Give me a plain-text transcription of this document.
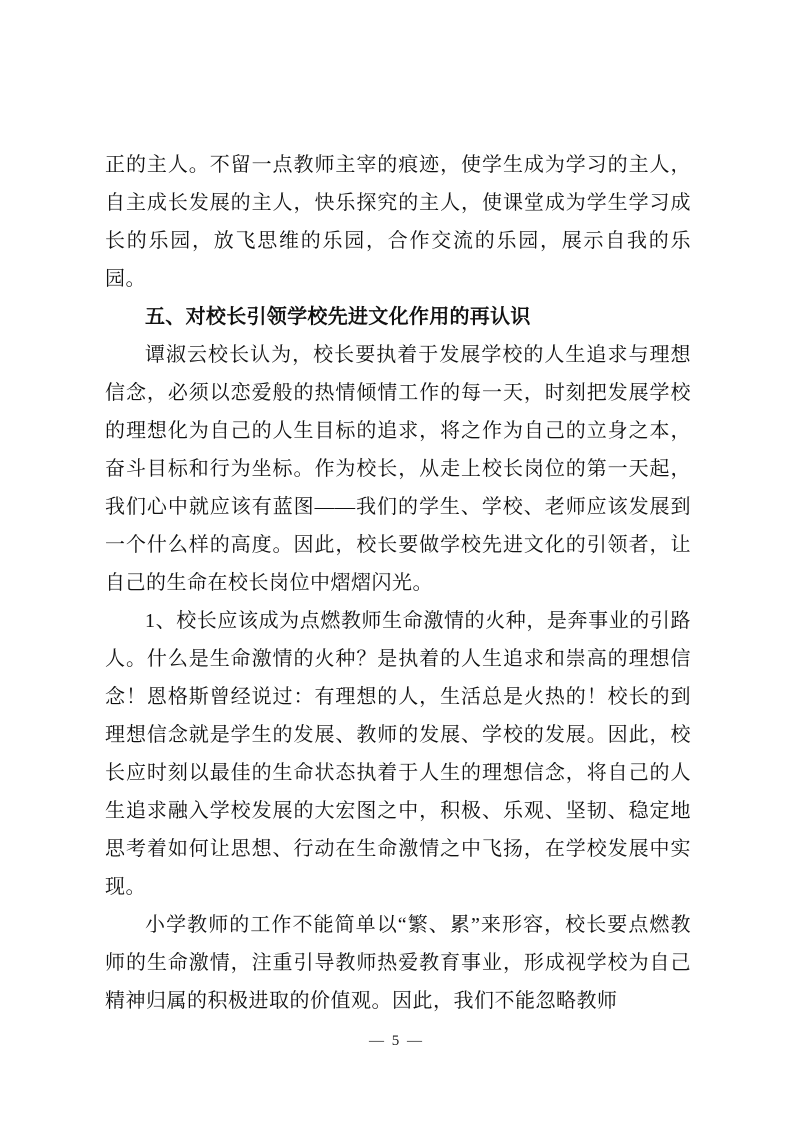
正的主人。不留一点教师主宰的痕迹，使学生成为学习的主人，自主成长发展的主人，快乐探究的主人，使课堂成为学生学习成长的乐园，放飞思维的乐园，合作交流的乐园，展示自我的乐园。

五、对校长引领学校先进文化作用的再认识

谭淑云校长认为，校长要执着于发展学校的人生追求与理想信念，必须以恋爱般的热情倾情工作的每一天，时刻把发展学校的理想化为自己的人生目标的追求，将之作为自己的立身之本，奋斗目标和行为坐标。作为校长，从走上校长岗位的第一天起，我们心中就应该有蓝图——我们的学生、学校、老师应该发展到一个什么样的高度。因此，校长要做学校先进文化的引领者，让自己的生命在校长岗位中熠熠闪光。

1、校长应该成为点燃教师生命激情的火种，是奔事业的引路人。什么是生命激情的火种？是执着的人生追求和崇高的理想信念！恩格斯曾经说过：有理想的人，生活总是火热的！校长的到理想信念就是学生的发展、教师的发展、学校的发展。因此，校长应时刻以最佳的生命状态执着于人生的理想信念，将自己的人生追求融入学校发展的大宏图之中，积极、乐观、坚韧、稳定地思考着如何让思想、行动在生命激情之中飞扬，在学校发展中实现。

小学教师的工作不能简单以“繁、累”来形容，校长要点燃教师的生命激情，注重引导教师热爱教育事业，形成视学校为自己精神归属的积极进取的价值观。因此，我们不能忽略教师

— 5 —
